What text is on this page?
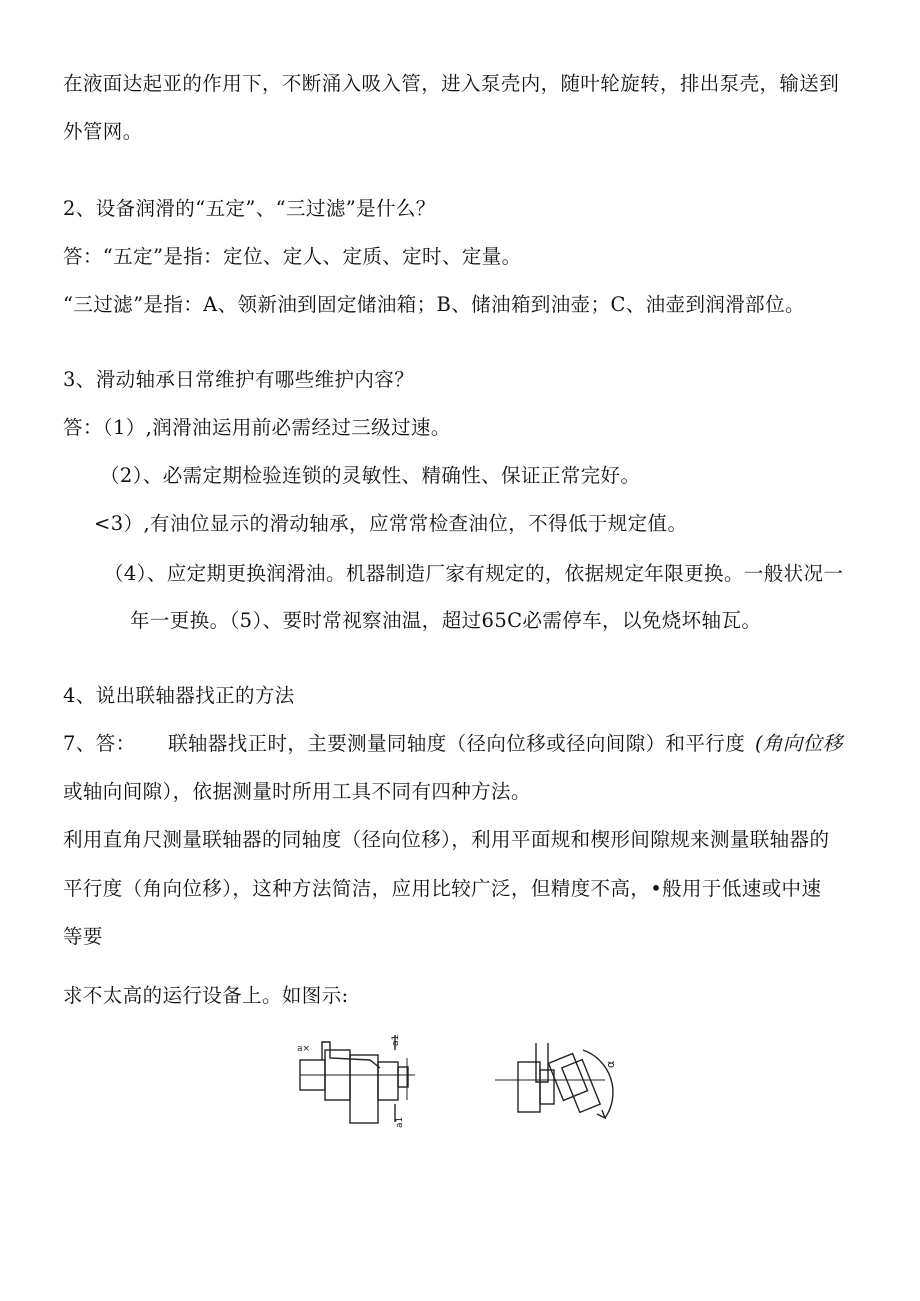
在液面达起亚的作用下，不断涌入吸入管，进入泵壳内，随叶轮旋转，排出泵壳，输送到
外管网。
2、设备润滑的“五定”、“三过滤”是什么？
答：“五定”是指：定位、定人、定质、定时、定量。
“三过滤”是指：A、领新油到固定储油箱；B、储油箱到油壶；C、油壶到润滑部位。
3、滑动轴承日常维护有哪些维护内容？
答：（1）,润滑油运用前必需经过三级过速。
（2）、必需定期检验连锁的灵敏性、精确性、保证正常完好。
<3）,有油位显示的滑动轴承，应常常检查油位，不得低于规定值。
（4）、应定期更换润滑油。机器制造厂家有规定的，依据规定年限更换。一般状况一
年一更换。（5）、要时常视察油温，超过65C必需停车，以免烧坏轴瓦。
4、说出联轴器找正的方法
7、答： 联轴器找正时，主要测量同轴度（径向位移或径向间隙）和平行度 (角向位移
或轴向间隙），依据测量时所用工具不同有四种方法。
利用直角尺测量联轴器的同轴度（径向位移），利用平面规和楔形间隙规来测量联轴器的
平行度（角向位移），这种方法简洁，应用比较广泛，但精度不高，•般用于低速或中速
等要
求不太高的运行设备上。如图示:
a×
a1
a1
α
